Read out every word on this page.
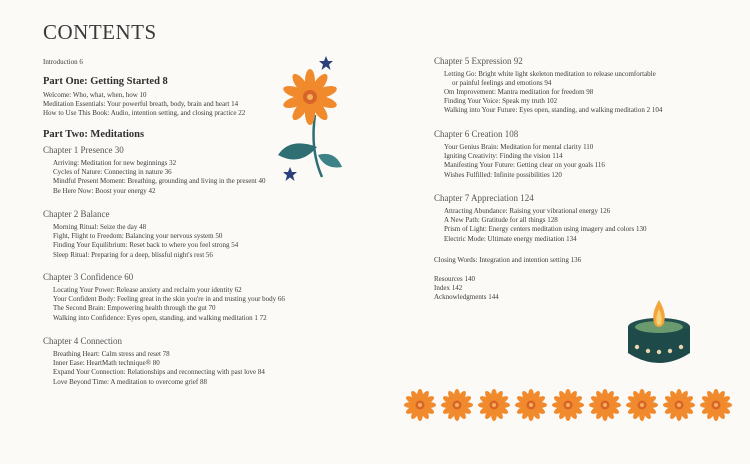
CONTENTS
Introduction 6
Part One: Getting Started 8
Welcome: Who, what, when, how 10
Meditation Essentials: Your powerful breath, body, brain and heart 14
How to Use This Book: Audio, intention setting, and closing practice 22
Part Two: Meditations
Chapter 1 Presence 30
Arriving: Meditation for new beginnings 32
Cycles of Nature: Connecting in nature 36
Mindful Present Moment: Breathing, grounding and living in the present 40
Be Here Now: Boost your energy 42
Chapter 2 Balance
Morning Ritual: Seize the day 48
Fight, Flight to Freedom: Balancing your nervous system 50
Finding Your Equilibrium: Reset back to where you feel strong 54
Sleep Ritual: Preparing for a deep, blissful night's rest 56
Chapter 3 Confidence 60
Locating Your Power: Release anxiety and reclaim your identity 62
Your Confident Body: Feeling great in the skin you're in and trusting your body 66
The Second Brain: Empowering health through the gut 70
Walking into Confidence: Eyes open, standing, and walking meditation 1 72
Chapter 4 Connection
Breathing Heart: Calm stress and reset 78
Inner Ease: HeartMath technique® 80
Expand Your Connection: Relationships and reconnecting with past love 84
Love Beyond Time: A meditation to overcome grief 88
Chapter 5 Expression 92
Letting Go: Bright white light skeleton meditation to release uncomfortable
or painful feelings and emotions 94
Om Improvement: Mantra meditation for freedom 98
Finding Your Voice: Speak my truth 102
Walking into Your Future: Eyes open, standing, and walking meditation 2 104
Chapter 6 Creation 108
Your Genius Brain: Meditation for mental clarity 110
Igniting Creativity: Finding the vision 114
Manifesting Your Future: Getting clear on your goals 116
Wishes Fulfilled: Infinite possibilities 120
Chapter 7 Appreciation 124
Attracting Abundance: Raising your vibrational energy 126
A New Path: Gratitude for all things 128
Prism of Light: Energy centers meditation using imagery and colors 130
Electric Mode: Ultimate energy meditation 134
Closing Words: Integration and intention setting 136
Resources 140
Index 142
Acknowledgments 144
